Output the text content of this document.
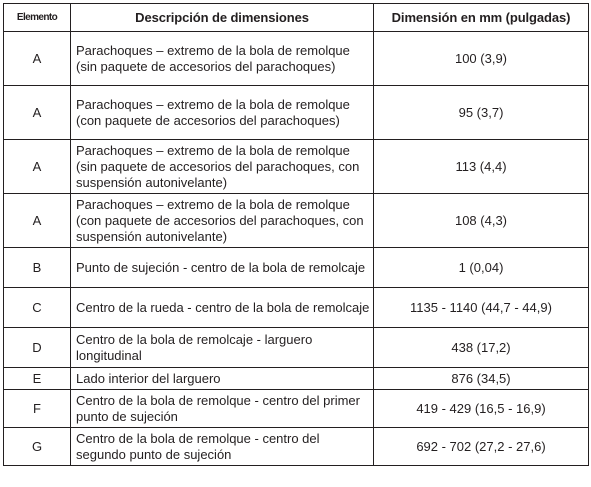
Elemento	Descripción de dimensiones	Dimensión en mm (pulgadas)
A	Parachoques – extremo de la bola de remolque (sin paquete de accesorios del parachoques)	100 (3,9)
A	Parachoques – extremo de la bola de remolque (con paquete de accesorios del parachoques)	95 (3,7)
A	Parachoques – extremo de la bola de remolque (sin paquete de accesorios del parachoques, con suspensión autonivelante)	113 (4,4)
A	Parachoques – extremo de la bola de remolque (con paquete de accesorios del parachoques, con suspensión autonivelante)	108 (4,3)
B	Punto de sujeción - centro de la bola de remolcaje	1 (0,04)
C	Centro de la rueda - centro de la bola de remolcaje	1135 - 1140 (44,7 - 44,9)
D	Centro de la bola de remolcaje - larguero longitudinal	438 (17,2)
E	Lado interior del larguero	876 (34,5)
F	Centro de la bola de remolque - centro del primer punto de sujeción	419 - 429 (16,5 - 16,9)
G	Centro de la bola de remolque - centro del segundo punto de sujeción	692 - 702 (27,2 - 27,6)
